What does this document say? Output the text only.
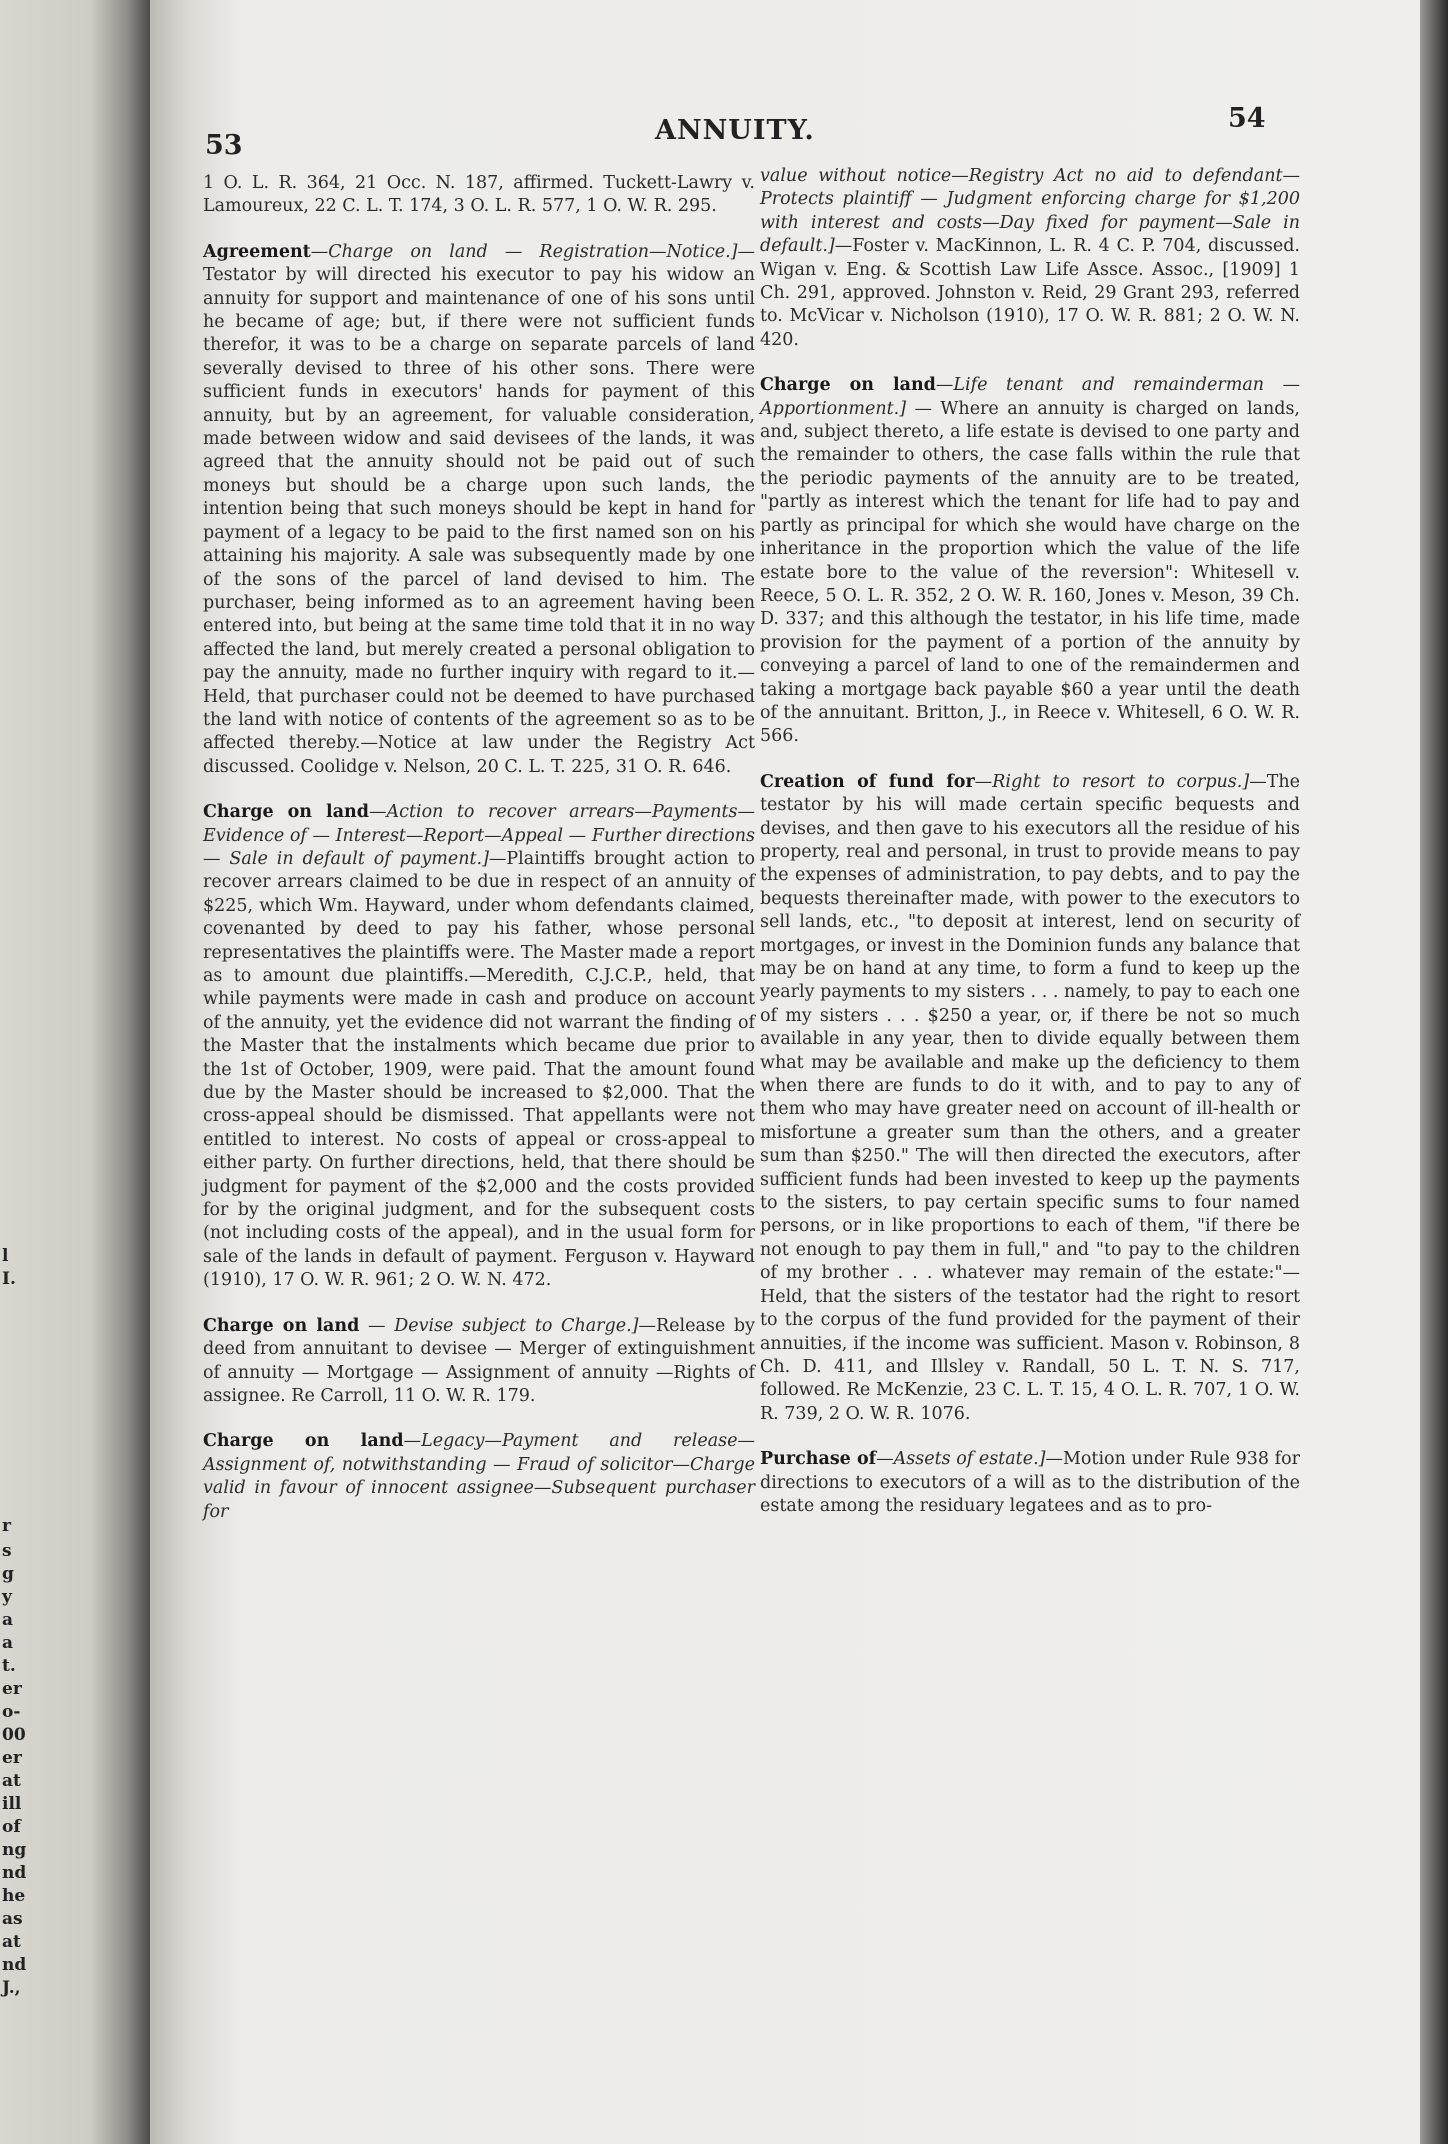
l
I.
r
s
g
y
a
a
t.
er
o-
00
er
at
ill
of
ng
nd
he
as
at
nd
J.,
53	ANNUITY.	54
1 O. L. R. 364, 21 Occ. N. 187, affirmed. Tuckett-Lawry v. Lamoureux, 22 C. L. T. 174, 3 O. L. R. 577, 1 O. W. R. 295.
Agreement—Charge on land — Registration—Notice.]—Testator by will directed his executor to pay his widow an annuity for support and maintenance of one of his sons until he became of age; but, if there were not sufficient funds therefor, it was to be a charge on separate parcels of land severally devised to three of his other sons. There were sufficient funds in executors' hands for payment of this annuity, but by an agreement, for valuable consideration, made between widow and said devisees of the lands, it was agreed that the annuity should not be paid out of such moneys but should be a charge upon such lands, the intention being that such moneys should be kept in hand for payment of a legacy to be paid to the first named son on his attaining his majority. A sale was subsequently made by one of the sons of the parcel of land devised to him. The purchaser, being informed as to an agreement having been entered into, but being at the same time told that it in no way affected the land, but merely created a personal obligation to pay the annuity, made no further inquiry with regard to it.—Held, that purchaser could not be deemed to have purchased the land with notice of contents of the agreement so as to be affected thereby.—Notice at law under the Registry Act discussed. Coolidge v. Nelson, 20 C. L. T. 225, 31 O. R. 646.
Charge on land—Action to recover arrears—Payments—Evidence of — Interest—Report—Appeal — Further directions — Sale in default of payment.]—Plaintiffs brought action to recover arrears claimed to be due in respect of an annuity of $225, which Wm. Hayward, under whom defendants claimed, covenanted by deed to pay his father, whose personal representatives the plaintiffs were. The Master made a report as to amount due plaintiffs.—Meredith, C.J.C.P., held, that while payments were made in cash and produce on account of the annuity, yet the evidence did not warrant the finding of the Master that the instalments which became due prior to the 1st of October, 1909, were paid. That the amount found due by the Master should be increased to $2,000. That the cross-appeal should be dismissed. That appellants were not entitled to interest. No costs of appeal or cross-appeal to either party. On further directions, held, that there should be judgment for payment of the $2,000 and the costs provided for by the original judgment, and for the subsequent costs (not including costs of the appeal), and in the usual form for sale of the lands in default of payment. Ferguson v. Hayward (1910), 17 O. W. R. 961; 2 O. W. N. 472.
Charge on land — Devise subject to Charge.]—Release by deed from annuitant to devisee — Merger of extinguishment of annuity — Mortgage — Assignment of annuity —Rights of assignee. Re Carroll, 11 O. W. R. 179.
Charge on land—Legacy—Payment and release—Assignment of, notwithstanding — Fraud of solicitor—Charge valid in favour of innocent assignee—Subsequent purchaser for
value without notice—Registry Act no aid to defendant—Protects plaintiff — Judgment enforcing charge for $1,200 with interest and costs—Day fixed for payment—Sale in default.]—Foster v. MacKinnon, L. R. 4 C. P. 704, discussed. Wigan v. Eng. & Scottish Law Life Assce. Assoc., [1909] 1 Ch. 291, approved. Johnston v. Reid, 29 Grant 293, referred to. McVicar v. Nicholson (1910), 17 O. W. R. 881; 2 O. W. N. 420.
Charge on land—Life tenant and remainderman — Apportionment.] — Where an annuity is charged on lands, and, subject thereto, a life estate is devised to one party and the remainder to others, the case falls within the rule that the periodic payments of the annuity are to be treated, "partly as interest which the tenant for life had to pay and partly as principal for which she would have charge on the inheritance in the proportion which the value of the life estate bore to the value of the reversion": Whitesell v. Reece, 5 O. L. R. 352, 2 O. W. R. 160, Jones v. Meson, 39 Ch. D. 337; and this although the testator, in his life time, made provision for the payment of a portion of the annuity by conveying a parcel of land to one of the remaindermen and taking a mortgage back payable $60 a year until the death of the annuitant. Britton, J., in Reece v. Whitesell, 6 O. W. R. 566.
Creation of fund for—Right to resort to corpus.]—The testator by his will made certain specific bequests and devises, and then gave to his executors all the residue of his property, real and personal, in trust to provide means to pay the expenses of administration, to pay debts, and to pay the bequests thereinafter made, with power to the executors to sell lands, etc., "to deposit at interest, lend on security of mortgages, or invest in the Dominion funds any balance that may be on hand at any time, to form a fund to keep up the yearly payments to my sisters . . . namely, to pay to each one of my sisters . . . $250 a year, or, if there be not so much available in any year, then to divide equally between them what may be available and make up the deficiency to them when there are funds to do it with, and to pay to any of them who may have greater need on account of ill-health or misfortune a greater sum than the others, and a greater sum than $250." The will then directed the executors, after sufficient funds had been invested to keep up the payments to the sisters, to pay certain specific sums to four named persons, or in like proportions to each of them, "if there be not enough to pay them in full," and "to pay to the children of my brother . . . whatever may remain of the estate:"—Held, that the sisters of the testator had the right to resort to the corpus of the fund provided for the payment of their annuities, if the income was sufficient. Mason v. Robinson, 8 Ch. D. 411, and Illsley v. Randall, 50 L. T. N. S. 717, followed. Re McKenzie, 23 C. L. T. 15, 4 O. L. R. 707, 1 O. W. R. 739, 2 O. W. R. 1076.
Purchase of—Assets of estate.]—Motion under Rule 938 for directions to executors of a will as to the distribution of the estate among the residuary legatees and as to pro-
